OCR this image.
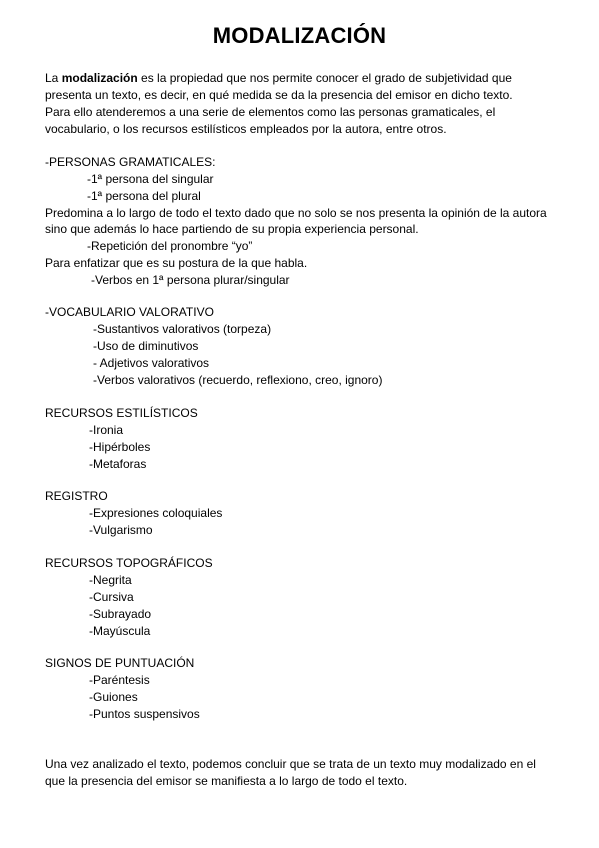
MODALIZACIÓN
La modalización es la propiedad que nos permite conocer el grado de subjetividad que
presenta un texto, es decir, en qué medida se da la presencia del emisor en dicho texto.
Para ello atenderemos a una serie de elementos como las personas gramaticales, el
vocabulario, o los recursos estilísticos empleados por la autora, entre otros.
-PERSONAS GRAMATICALES:
-1ª persona del singular
-1ª persona del plural
Predomina a lo largo de todo el texto dado que no solo se nos presenta la opinión de la autora
sino que además lo hace partiendo de su propia experiencia personal.
-Repetición del pronombre “yo”
Para enfatizar que es su postura de la que habla.
-Verbos en 1ª persona plurar/singular
-VOCABULARIO VALORATIVO
-Sustantivos valorativos (torpeza)
-Uso de diminutivos
- Adjetivos valorativos
-Verbos valorativos (recuerdo, reflexiono, creo, ignoro)
RECURSOS ESTILÍSTICOS
-Ironia
-Hipérboles
-Metaforas
REGISTRO
-Expresiones coloquiales
-Vulgarismo
RECURSOS TOPOGRÁFICOS
-Negrita
-Cursiva
-Subrayado
-Mayúscula
SIGNOS DE PUNTUACIÓN
-Paréntesis
-Guiones
-Puntos suspensivos
Una vez analizado el texto, podemos concluir que se trata de un texto muy modalizado en el
que la presencia del emisor se manifiesta a lo largo de todo el texto.
